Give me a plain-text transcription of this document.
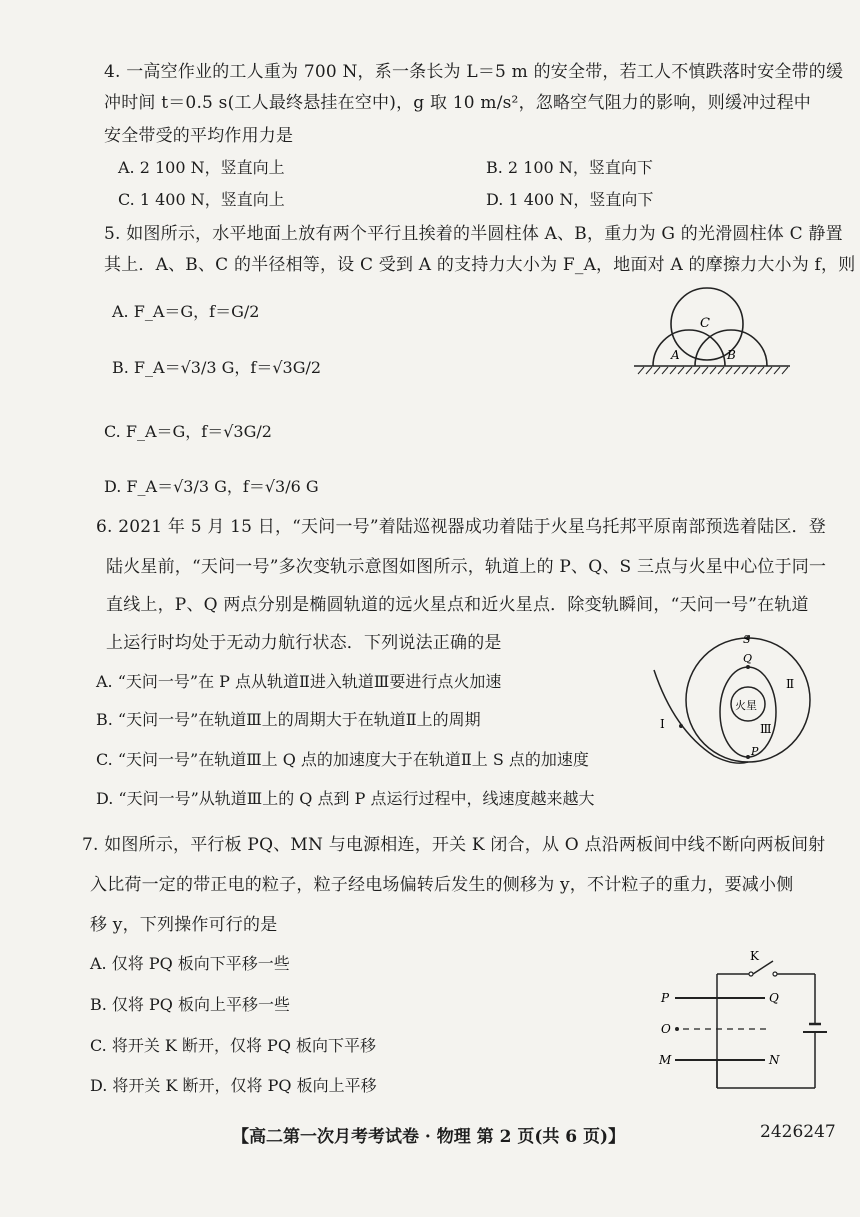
4. 一高空作业的工人重为 700 N，系一条长为 L＝5 m 的安全带，若工人不慎跌落时安全带的缓
冲时间 t＝0.5 s(工人最终悬挂在空中)，g 取 10 m/s²，忽略空气阻力的影响，则缓冲过程中
安全带受的平均作用力是
A. 2 100 N，竖直向上	B. 2 100 N，竖直向下
C. 1 400 N，竖直向上	D. 1 400 N，竖直向下
5. 如图所示，水平地面上放有两个平行且挨着的半圆柱体 A、B，重力为 G 的光滑圆柱体 C 静置
其上．A、B、C 的半径相等，设 C 受到 A 的支持力大小为 F_A，地面对 A 的摩擦力大小为 f，则
A. F_A＝G，f＝G/2
B. F_A＝√3/3 G，f＝√3G/2
C. F_A＝G，f＝√3G/2
D. F_A＝√3/3 G，f＝√3/6 G
C
A	B
6. 2021 年 5 月 15 日，“天问一号”着陆巡视器成功着陆于火星乌托邦平原南部预选着陆区．登
陆火星前，“天问一号”多次变轨示意图如图所示，轨道上的 P、Q、S 三点与火星中心位于同一
直线上，P、Q 两点分别是椭圆轨道的远火星点和近火星点．除变轨瞬间，“天问一号”在轨道
上运行时均处于无动力航行状态．下列说法正确的是
A. “天问一号”在 P 点从轨道Ⅱ进入轨道Ⅲ要进行点火加速
B. “天问一号”在轨道Ⅲ上的周期大于在轨道Ⅱ上的周期
C. “天问一号”在轨道Ⅲ上 Q 点的加速度大于在轨道Ⅱ上 S 点的加速度
D. “天问一号”从轨道Ⅲ上的 Q 点到 P 点运行过程中，线速度越来越大
S
Q
P
火星
Ⅰ
Ⅱ
Ⅲ
7. 如图所示，平行板 PQ、MN 与电源相连，开关 K 闭合，从 O 点沿两板间中线不断向两板间射
入比荷一定的带正电的粒子，粒子经电场偏转后发生的侧移为 y，不计粒子的重力，要减小侧
移 y，下列操作可行的是
A. 仅将 PQ 板向下平移一些
B. 仅将 PQ 板向上平移一些
C. 将开关 K 断开，仅将 PQ 板向下平移
D. 将开关 K 断开，仅将 PQ 板向上平移
K
P	Q
O
M	N
【高二第一次月考考试卷 · 物理 第 2 页(共 6 页)】	2426247
